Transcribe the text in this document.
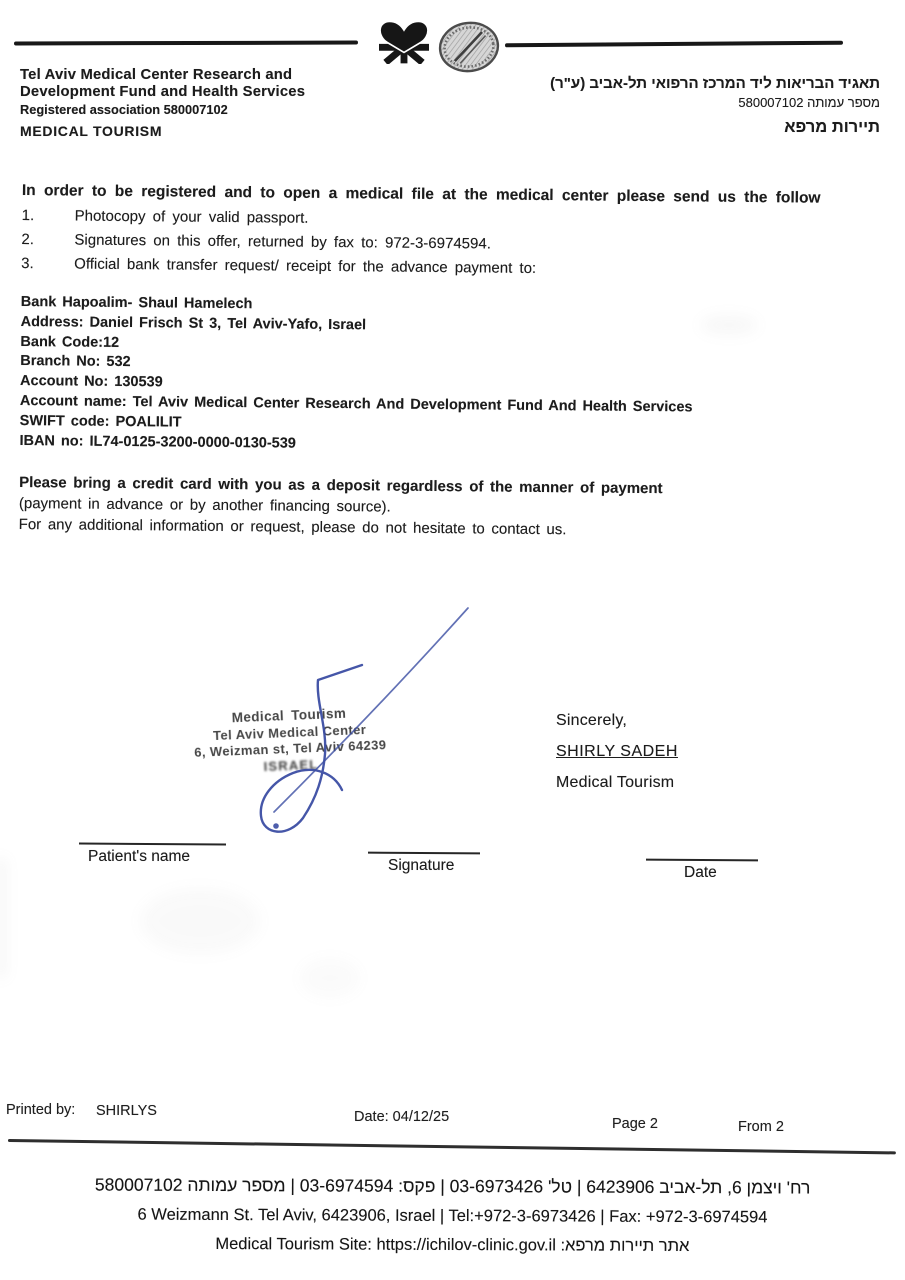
Tel Aviv Medical Center Research and
Development Fund and Health Services
Registered association 580007102
MEDICAL TOURISM
תאגיד הבריאות ליד המרכז הרפואי תל-אביב (ע"ר)
מספר עמותה 580007102
תיירות מרפא
In order to be registered and to open a medical file at the medical center please send us the follow
1.	Photocopy of your valid passport.
2.	Signatures on this offer, returned by fax to: 972-3-6974594.
3.	Official bank transfer request/ receipt for the advance payment to:
Bank Hapoalim- Shaul Hamelech
Address: Daniel Frisch St 3, Tel Aviv-Yafo, Israel
Bank Code:12
Branch No: 532
Account No: 130539
Account name: Tel Aviv Medical Center Research And Development Fund And Health Services
SWIFT code: POALILIT
IBAN no: IL74-0125-3200-0000-0130-539
Please bring a credit card with you as a deposit regardless of the manner of payment
(payment in advance or by another financing source).
For any additional information or request, please do not hesitate to contact us.
Medical Tourism
Tel Aviv Medical Center
6, Weizman st, Tel Aviv 64239
ISRAEL
Sincerely,
SHIRLY SADEH
Medical Tourism
Patient's name
Signature	Date
Printed by: SHIRLYS	Date: 04/12/25	Page 2	From 2
רח' ויצמן 6, תל-אביב 6423906 | טל' 03-6973426 | פקס: 03-6974594 | מספר עמותה 580007102
6 Weizmann St. Tel Aviv, 6423906, Israel | Tel:+972-3-6973426 | Fax: +972-3-6974594
אתר תיירות מרפא: Medical Tourism Site: https://ichilov-clinic.gov.il
